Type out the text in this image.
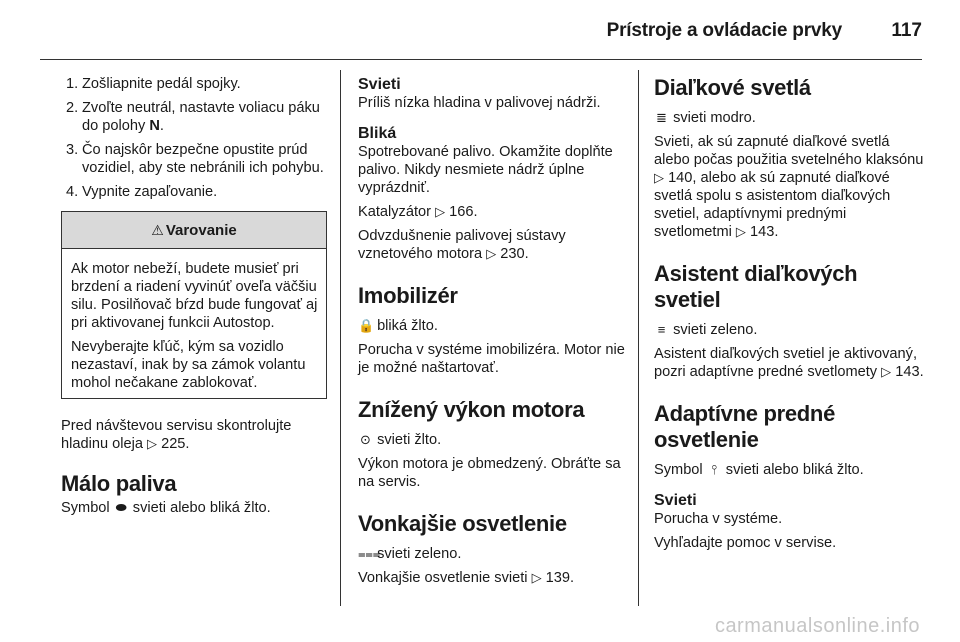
Prístroje a ovládacie prvky	117
1. Zošliapnite pedál spojky.
2. Zvoľte neutrál, nastavte voliacu páku do polohy N.
3. Čo najskôr bezpečne opustite prúd vozidiel, aby ste nebránili ich pohybu.
4. Vypnite zapaľovanie.
⚠ Varovanie

Ak motor nebeží, budete musieť pri brzdení a riadení vyvinúť oveľa väčšiu silu. Posilňovač bŕzd bude fungovať aj pri aktivovanej funkcii Autostop.

Nevyberajte kľúč, kým sa vozidlo nezastaví, inak by sa zámok volantu mohol nečakane zablokovať.

Pred návštevou servisu skontrolujte hladinu oleja ▷ 225.

Málo paliva

Symbol ⬬ svieti alebo bliká žlto.

Svieti

Príliš nízka hladina v palivovej nádrži.

Bliká

Spotrebované palivo. Okamžite doplňte palivo. Nikdy nesmiete nádrž úplne vyprázdniť.

Katalyzátor ▷ 166.

Odvzdušnenie palivovej sústavy vznetového motora ▷ 230.

Imobilizér

🔒 bliká žlto.

Porucha v systéme imobilizéra. Motor nie je možné naštartovať.

Znížený výkon motora

⊙ svieti žlto.

Výkon motora je obmedzený. Obráťte sa na servis.

Vonkajšie osvetlenie

⩶ svieti zeleno.

Vonkajšie osvetlenie svieti ▷ 139.

Diaľkové svetlá

≣ svieti modro.

Svieti, ak sú zapnuté diaľkové svetlá alebo počas použitia svetelného klaksónu ▷ 140, alebo ak sú zapnuté diaľkové svetlá spolu s asistentom diaľkových svetiel, adaptívnymi prednými svetlometmi ▷ 143.

Asistent diaľkových svetiel

≡ svieti zeleno.

Asistent diaľkových svetiel je aktivovaný, pozri adaptívne predné svetlomety ▷ 143.

Adaptívne predné osvetlenie

Symbol ⫯ svieti alebo bliká žlto.

Svieti

Porucha v systéme.

Vyhľadajte pomoc v servise.

carmanualsonline.info
